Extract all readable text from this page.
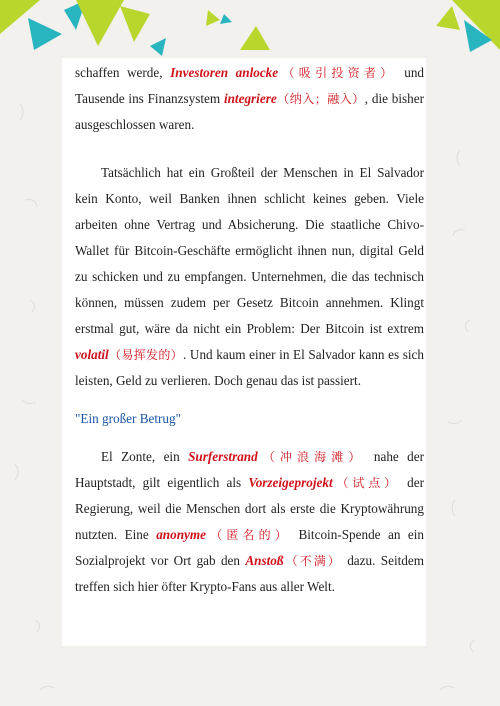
schaffen werde, Investoren anlocke（吸引投资者） und Tausende ins Finanzsystem integriere（纳入；融入）, die bisher ausgeschlossen waren.

Tatsächlich hat ein Großteil der Menschen in El Salvador kein Konto, weil Banken ihnen schlicht keines geben. Viele arbeiten ohne Vertrag und Absicherung. Die staatliche Chivo-Wallet für Bitcoin-Geschäfte ermöglicht ihnen nun, digital Geld zu schicken und zu empfangen. Unternehmen, die das technisch können, müssen zudem per Gesetz Bitcoin annehmen. Klingt erstmal gut, wäre da nicht ein Problem: Der Bitcoin ist extrem volatil（易挥发的）. Und kaum einer in El Salvador kann es sich leisten, Geld zu verlieren. Doch genau das ist passiert.

"Ein großer Betrug"

El Zonte, ein Surferstrand（冲浪海滩） nahe der Hauptstadt, gilt eigentlich als Vorzeigeprojekt（试点） der Regierung, weil die Menschen dort als erste die Kryptowährung nutzten. Eine anonyme（匿名的） Bitcoin-Spende an ein Sozialprojekt vor Ort gab den Anstoß（不满） dazu. Seitdem treffen sich hier öfter Krypto-Fans aus aller Welt.
